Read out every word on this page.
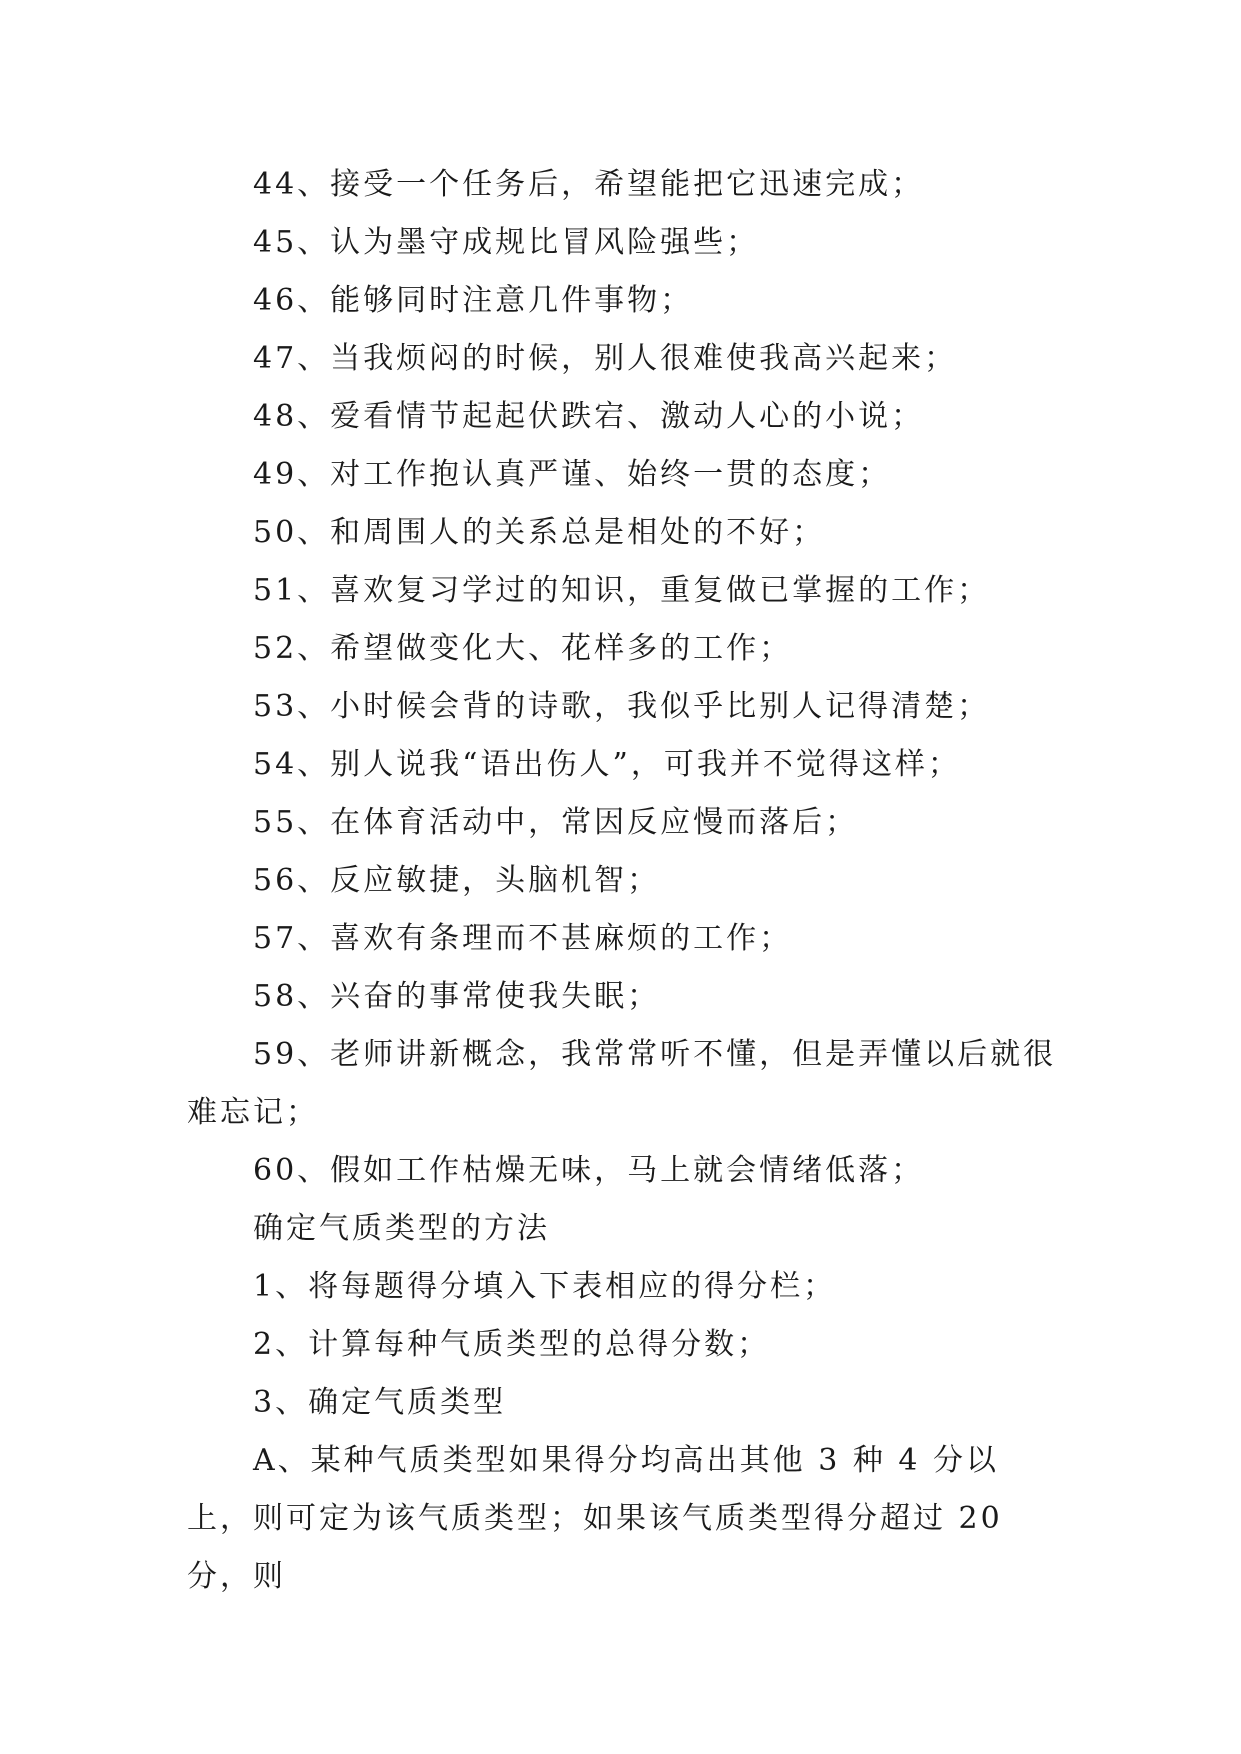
44、接受一个任务后，希望能把它迅速完成；

45、认为墨守成规比冒风险强些；

46、能够同时注意几件事物；

47、当我烦闷的时候，别人很难使我高兴起来；

48、爱看情节起起伏跌宕、激动人心的小说；

49、对工作抱认真严谨、始终一贯的态度；

50、和周围人的关系总是相处的不好；

51、喜欢复习学过的知识，重复做已掌握的工作；

52、希望做变化大、花样多的工作；

53、小时候会背的诗歌，我似乎比别人记得清楚；

54、别人说我“语出伤人”，可我并不觉得这样；

55、在体育活动中，常因反应慢而落后；

56、反应敏捷，头脑机智；

57、喜欢有条理而不甚麻烦的工作；

58、兴奋的事常使我失眠；

59、老师讲新概念，我常常听不懂，但是弄懂以后就很难忘记；

60、假如工作枯燥无味，马上就会情绪低落；

确定气质类型的方法

1、将每题得分填入下表相应的得分栏；

2、计算每种气质类型的总得分数；

3、确定气质类型

A、某种气质类型如果得分均高出其他 3 种 4 分以上，则可定为该气质类型；如果该气质类型得分超过 20 分，则
